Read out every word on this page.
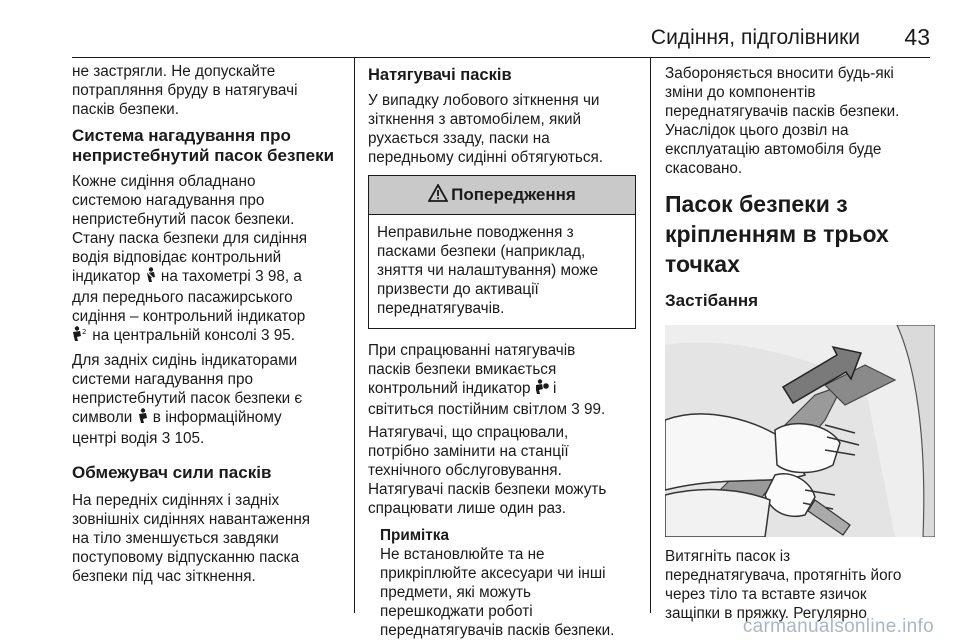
Сидіння, підголівники 43

не застрягли. Не допускайте
потрапляння бруду в натягувачі
пасків безпеки.

Система нагадування про
непристебнутий пасок безпеки

Кожне сидіння обладнано
системою нагадування про
непристебнутий пасок безпеки.
Стану паска безпеки для сидіння
водія відповідає контрольний
індикатор  на тахометрі 3 98, а
для переднього пасажирського
сидіння – контрольний індикатор

2 на центральній консолі 3 95.

Для задніх сидінь індикаторами
системи нагадування про
непристебнутий пасок безпеки є
символи  в інформаційному
центрі водія 3 105.

Обмежувач сили пасків

На передніх сидіннях і задніх
зовнішніх сидіннях навантаження
на тіло зменшується завдяки
поступовому відпусканню паска
безпеки під час зіткнення.

Натягувачі пасків

У випадку лобового зіткнення чи
зіткнення з автомобілем, який
рухається ззаду, паски на
передньому сидінні обтягуються.

Попередження

Неправильне поводження з
пасками безпеки (наприклад,
зняття чи налаштування) може
призвести до активації
переднатягувачів.

При спрацюванні натягувачів
пасків безпеки вмикається
контрольний індикатор  і
світиться постійним світлом 3 99.

Натягувачі, що спрацювали,
потрібно замінити на станції
технічного обслуговування.
Натягувачі пасків безпеки можуть
спрацювати лише один раз.

Примітка

Не встановлюйте та не
прикріплюйте аксесуари чи інші
предмети, які можуть
перешкоджати роботі
переднатягувачів пасків безпеки.

Забороняється вносити будь-які
зміни до компонентів
переднатягувачів пасків безпеки.
Унаслідок цього дозвіл на
експлуатацію автомобіля буде
скасовано.

Пасок безпеки з
кріпленням в трьох точках
Застібання

Витягніть пасок із
переднатягувача, протягніть його
через тіло та вставте язичок
защіпки в пряжку. Регулярно

carmanualsonline.info
